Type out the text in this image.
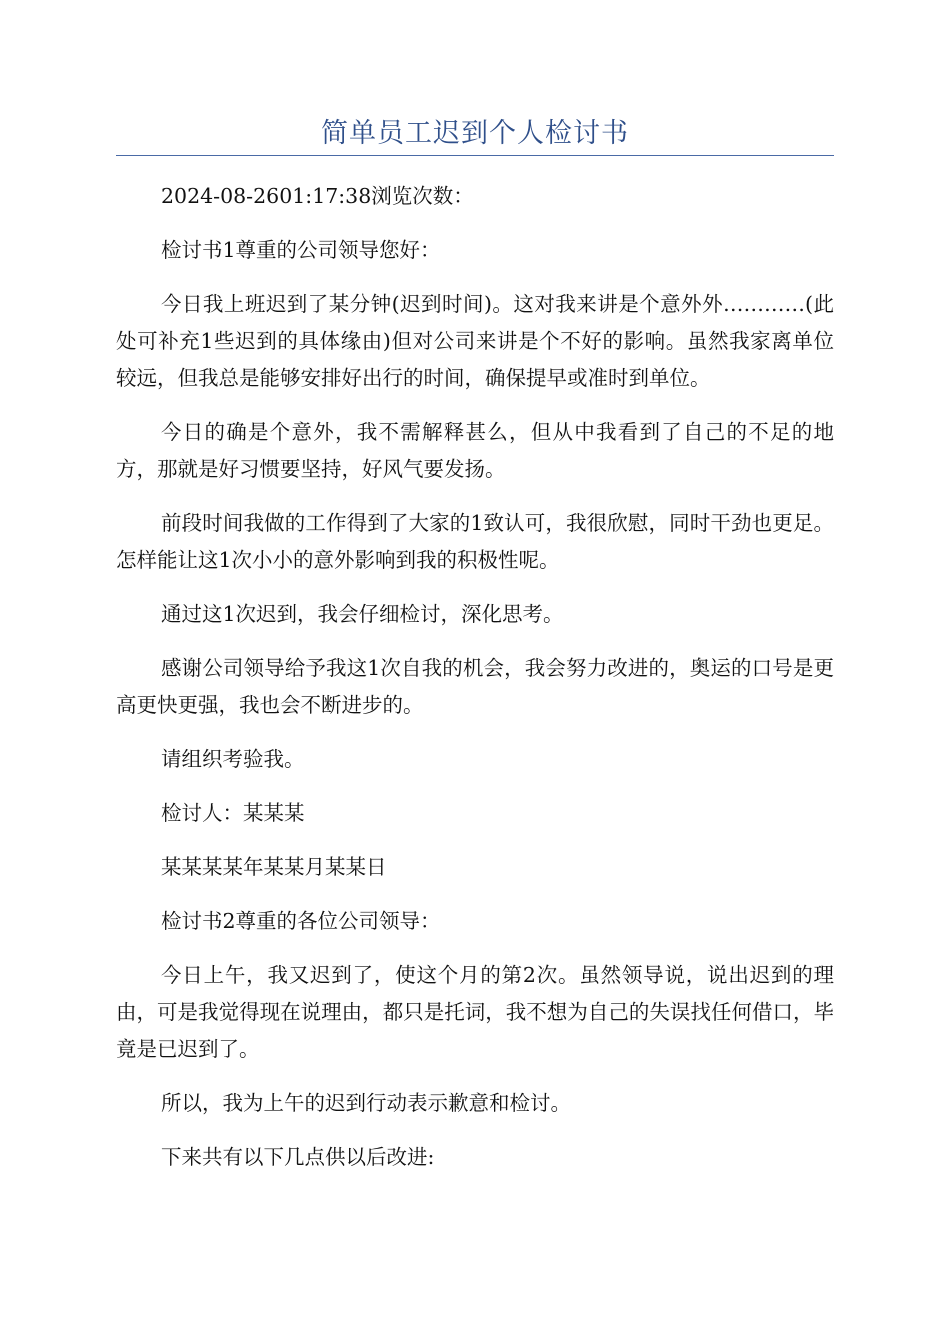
简单员工迟到个人检讨书

2024-08-2601:17:38浏览次数：

检讨书1尊重的公司领导您好：

今日我上班迟到了某分钟(迟到时间)。这对我来讲是个意外外…………(此处可补充1些迟到的具体缘由)但对公司来讲是个不好的影响。虽然我家离单位较远，但我总是能够安排好出行的时间，确保提早或准时到单位。

今日的确是个意外，我不需解释甚么，但从中我看到了自己的不足的地方，那就是好习惯要坚持，好风气要发扬。

前段时间我做的工作得到了大家的1致认可，我很欣慰，同时干劲也更足。怎样能让这1次小小的意外影响到我的积极性呢。

通过这1次迟到，我会仔细检讨，深化思考。

感谢公司领导给予我这1次自我的机会，我会努力改进的，奥运的口号是更高更快更强，我也会不断进步的。

请组织考验我。

检讨人：某某某

某某某某年某某月某某日

检讨书2尊重的各位公司领导：

今日上午，我又迟到了，使这个月的第2次。虽然领导说，说出迟到的理由，可是我觉得现在说理由，都只是托词，我不想为自己的失误找任何借口，毕竟是已迟到了。

所以，我为上午的迟到行动表示歉意和检讨。

下来共有以下几点供以后改进:
